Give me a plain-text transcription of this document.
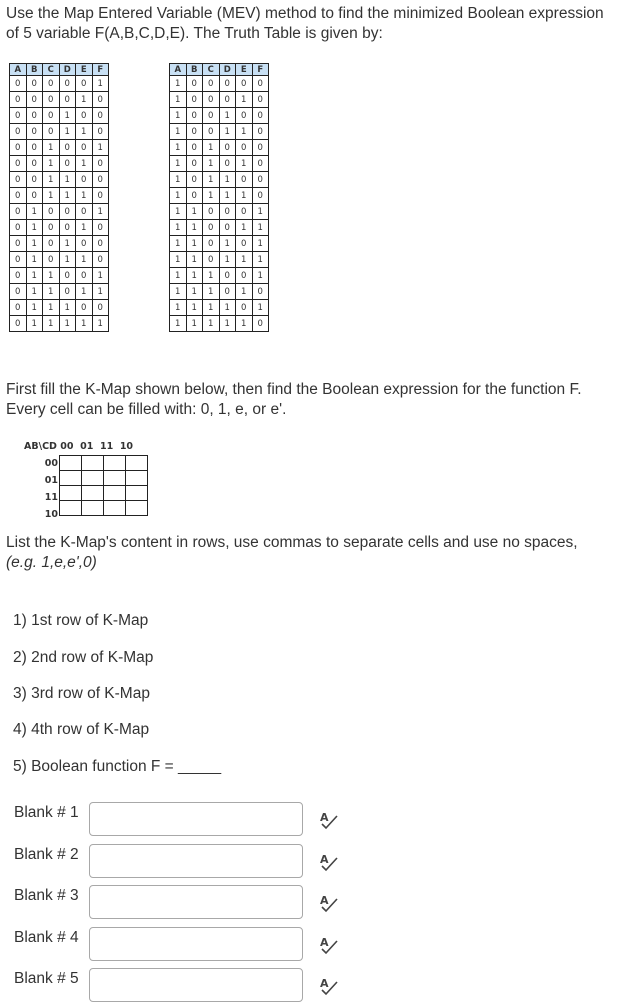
Use the Map Entered Variable (MEV) method to find the minimized Boolean expression of 5 variable F(A,B,C,D,E). The Truth Table is given by:

A	B	C	D	E	F
0	0	0	0	0	1
0	0	0	0	1	0
0	0	0	1	0	0
0	0	0	1	1	0
0	0	1	0	0	1
0	0	1	0	1	0
0	0	1	1	0	0
0	0	1	1	1	0
0	1	0	0	0	1
0	1	0	0	1	0
0	1	0	1	0	0
0	1	0	1	1	0
0	1	1	0	0	1
0	1	1	0	1	1
0	1	1	1	0	0
0	1	1	1	1	1
A	B	C	D	E	F
1	0	0	0	0	0
1	0	0	0	1	0
1	0	0	1	0	0
1	0	0	1	1	0
1	0	1	0	0	0
1	0	1	0	1	0
1	0	1	1	0	0
1	0	1	1	1	0
1	1	0	0	0	1
1	1	0	0	1	1
1	1	0	1	0	1
1	1	0	1	1	1
1	1	1	0	0	1
1	1	1	0	1	0
1	1	1	1	0	1
1	1	1	1	1	0

First fill the K-Map shown below, then find the Boolean expression for the function F. Every cell can be filled with: 0, 1, e, or e'.

AB\CD 00 01 11 10
00
01
11
10

List the K-Map's content in rows, use commas to separate cells and use no spaces,
(e.g. 1,e,e',0)

1) 1st row of K-Map

2) 2nd row of K-Map

3) 3rd row of K-Map

4) 4th row of K-Map

5) Boolean function F = _____

Blank # 1	A

Blank # 2	A

Blank # 3	A

Blank # 4	A

Blank # 5	A
